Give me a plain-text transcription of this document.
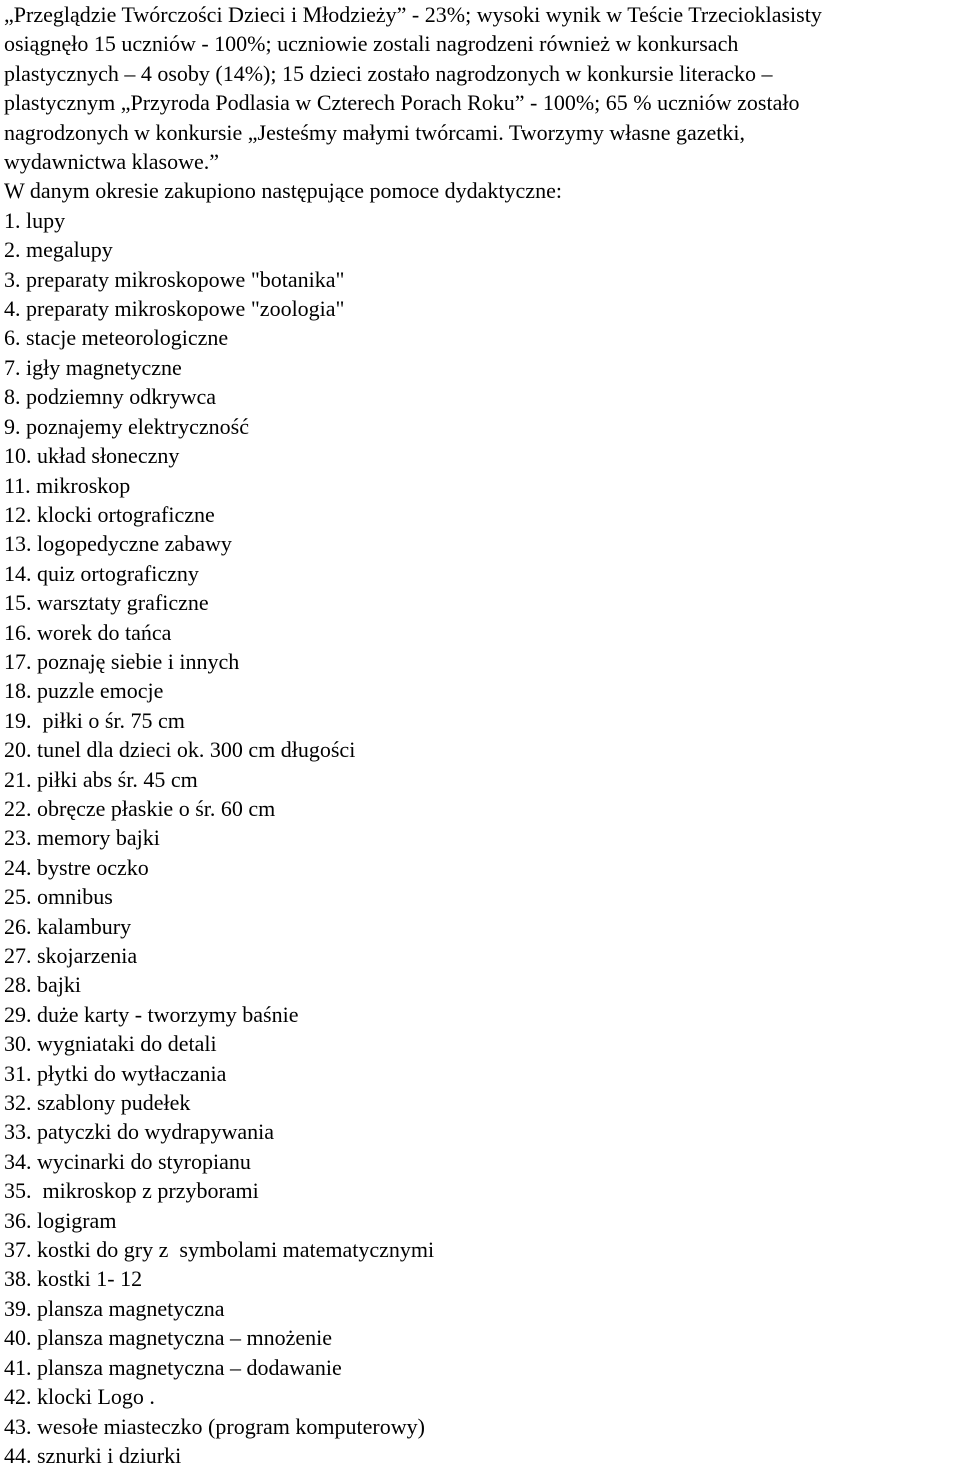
„Przeglądzie Twórczości Dzieci i Młodzieży” - 23%; wysoki wynik w Teście Trzecioklasisty
osiągnęło 15 uczniów - 100%; uczniowie zostali nagrodzeni również w konkursach
plastycznych – 4 osoby (14%); 15 dzieci zostało nagrodzonych w konkursie literacko –
plastycznym „Przyroda Podlasia w Czterech Porach Roku” - 100%; 65 % uczniów zostało
nagrodzonych w konkursie „Jesteśmy małymi twórcami. Tworzymy własne gazetki,
wydawnictwa klasowe.”
W danym okresie zakupiono następujące pomoce dydaktyczne:
1. lupy
2. megalupy
3. preparaty mikroskopowe "botanika"
4. preparaty mikroskopowe "zoologia"
6. stacje meteorologiczne
7. igły magnetyczne
8. podziemny odkrywca
9. poznajemy elektryczność
10. układ słoneczny
11. mikroskop
12. klocki ortograficzne
13. logopedyczne zabawy
14. quiz ortograficzny
15. warsztaty graficzne
16. worek do tańca
17. poznaję siebie i innych
18. puzzle emocje
19.  piłki o śr. 75 cm
20. tunel dla dzieci ok. 300 cm długości
21. piłki abs śr. 45 cm
22. obręcze płaskie o śr. 60 cm
23. memory bajki
24. bystre oczko
25. omnibus
26. kalambury
27. skojarzenia
28. bajki
29. duże karty - tworzymy baśnie
30. wygniataki do detali
31. płytki do wytłaczania
32. szablony pudełek
33. patyczki do wydrapywania
34. wycinarki do styropianu
35.  mikroskop z przyborami
36. logigram
37. kostki do gry z  symbolami matematycznymi
38. kostki 1- 12
39. plansza magnetyczna
40. plansza magnetyczna – mnożenie
41. plansza magnetyczna – dodawanie
42. klocki Logo .
43. wesołe miasteczko (program komputerowy)
44. sznurki i dziurki
